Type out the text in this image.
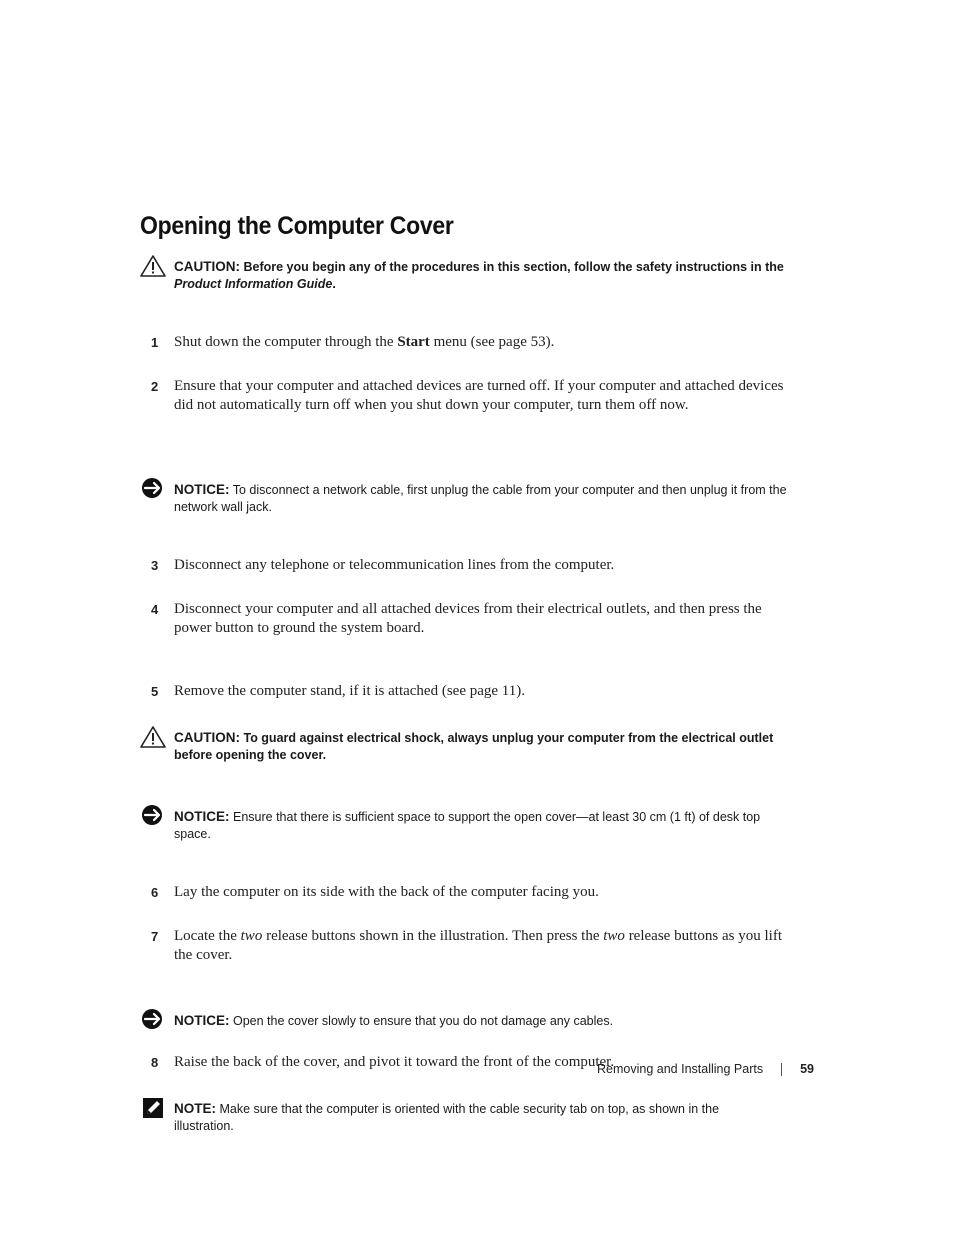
Opening the Computer Cover
CAUTION: Before you begin any of the procedures in this section, follow the safety instructions in the Product Information Guide.
1 Shut down the computer through the Start menu (see page 53).
2 Ensure that your computer and attached devices are turned off. If your computer and attached devices did not automatically turn off when you shut down your computer, turn them off now.
NOTICE: To disconnect a network cable, first unplug the cable from your computer and then unplug it from the network wall jack.
3 Disconnect any telephone or telecommunication lines from the computer.
4 Disconnect your computer and all attached devices from their electrical outlets, and then press the power button to ground the system board.
5 Remove the computer stand, if it is attached (see page 11).
CAUTION: To guard against electrical shock, always unplug your computer from the electrical outlet before opening the cover.
NOTICE: Ensure that there is sufficient space to support the open cover—at least 30 cm (1 ft) of desk top space.
6 Lay the computer on its side with the back of the computer facing you.
7 Locate the two release buttons shown in the illustration. Then press the two release buttons as you lift the cover.
NOTICE: Open the cover slowly to ensure that you do not damage any cables.
8 Raise the back of the cover, and pivot it toward the front of the computer.
NOTE: Make sure that the computer is oriented with the cable security tab on top, as shown in the illustration.
Removing and Installing Parts	59
